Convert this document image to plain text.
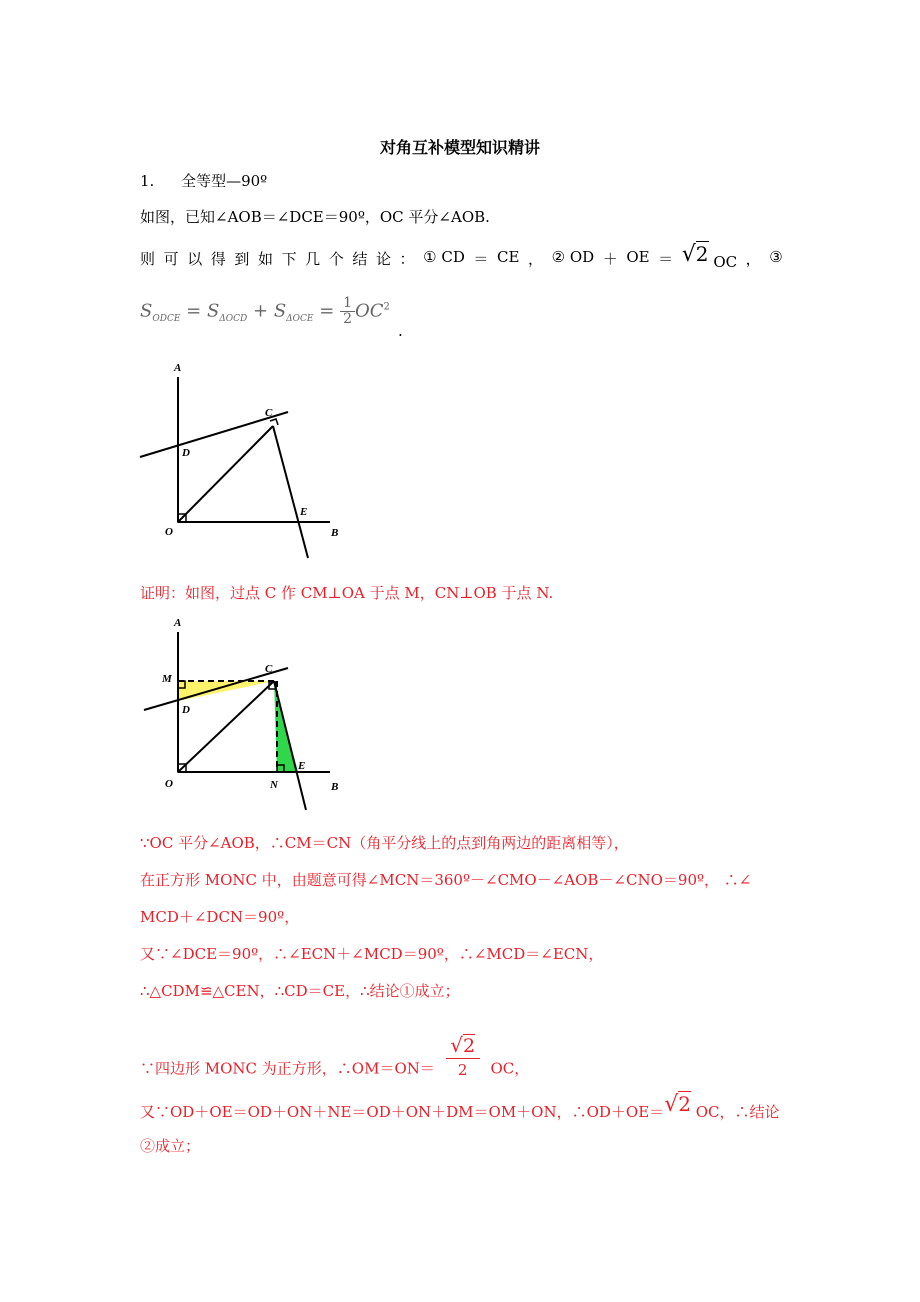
对角互补模型知识精讲
1. 全等型—90º
如图，已知∠AOB＝∠DCE＝90º，OC 平分∠AOB.
则 可 以 得 到 如 下 几 个 结 论 ： ① CD ＝ CE ， ② OD ＋ OE ＝ √2 OC ， ③
$S_{ODCE} = S_{\Delta OCD} + S_{\Delta OCE} = \frac{1}{2} OC^2$
.
A
C
D
O
E
B
证明：如图，过点 C 作 CM⊥OA 于点 M，CN⊥OB 于点 N.
A
M
C
D
O	N
E
B
∵OC 平分∠AOB，∴CM＝CN（角平分线上的点到角两边的距离相等），
在正方形 MONC 中，由题意可得∠MCN＝360º－∠CMO－∠AOB－∠CNO＝90º， ∴∠
MCD＋∠DCN＝90º，
又∵∠DCE＝90º，∴∠ECN＋∠MCD＝90º，∴∠MCD＝∠ECN，
∴△CDM≌△CEN，∴CD＝CE，∴结论①成立；
∵四边形 MONC 为正方形，∴OM＝ON＝ $\frac{√2}{2}$ OC，
又∵OD＋OE＝OD＋ON＋NE＝OD＋ON＋DM＝OM＋ON，∴OD＋OE＝√2 OC，∴结论
②成立；
